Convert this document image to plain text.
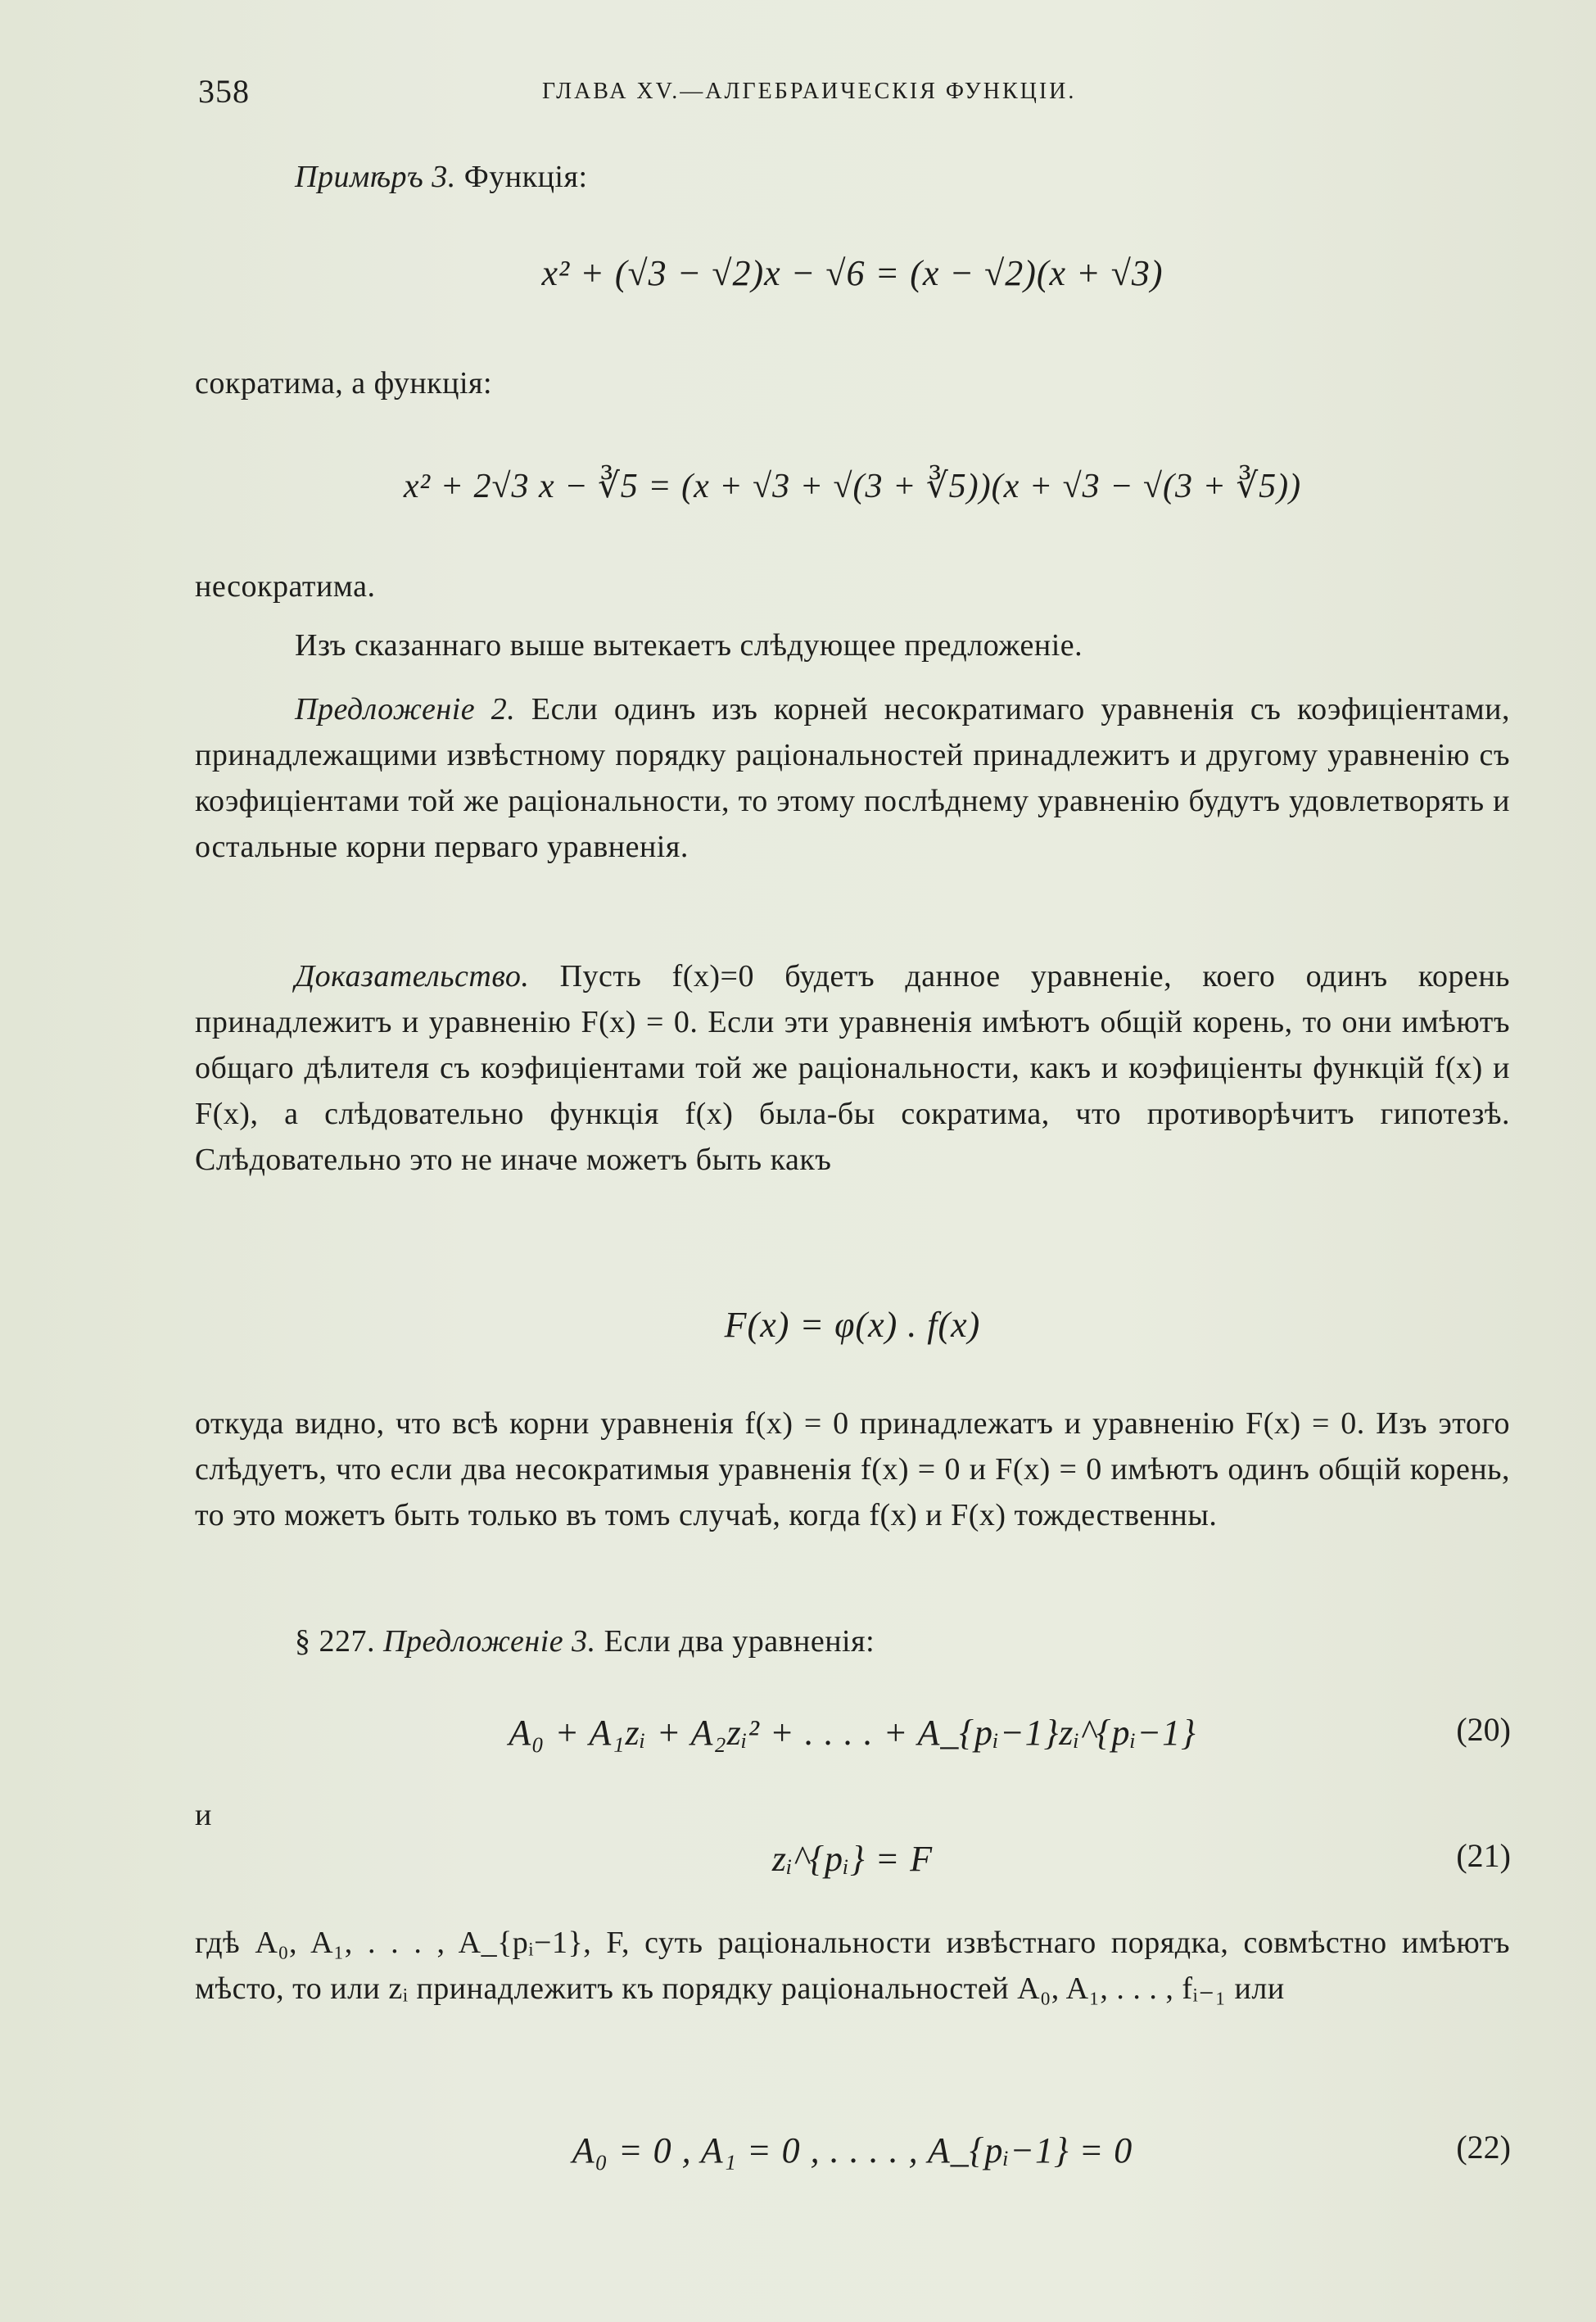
358	ГЛАВА XV.—АЛГЕБРАИЧЕСКІЯ ФУНКЦІИ.

Примѣръ 3. Функція:

x² + (√3 − √2)x − √6 = (x − √2)(x + √3)

сократима, а функція:

x² + 2√3 x − ∛5 = (x + √3 + √(3 + ∛5))(x + √3 − √(3 + ∛5))

несократима.

Изъ сказаннаго выше вытекаетъ слѣдующее предложеніе.

Предложеніе 2. Если одинъ изъ корней несократимаго уравненія съ коэфиціентами, принадлежащими извѣстному порядку раціональностей принадлежитъ и другому уравненію съ коэфиціентами той же раціональности, то этому послѣднему уравненію будутъ удовлетворять и остальные корни перваго уравненія.

Доказательство. Пусть f(x)=0 будетъ данное уравненіе, коего одинъ корень принадлежитъ и уравненію F(x) = 0. Если эти уравненія имѣютъ общій корень, то они имѣютъ общаго дѣлителя съ коэфиціентами той же раціональности, какъ и коэфиціенты функцій f(x) и F(x), а слѣдовательно функція f(x) была-бы сократима, что противорѣчитъ гипотезѣ. Слѣдовательно это не иначе можетъ быть какъ

F(x) = φ(x) . f(x)

откуда видно, что всѣ корни уравненія f(x) = 0 принадлежатъ и уравненію F(x) = 0. Изъ этого слѣдуетъ, что если два несократимыя уравненія f(x) = 0 и F(x) = 0 имѣютъ одинъ общій корень, то это можетъ быть только въ томъ случаѣ, когда f(x) и F(x) тождественны.

§ 227. Предложеніе 3. Если два уравненія:

A₀ + A₁zᵢ + A₂zᵢ² + . . . . + A_{pᵢ−1}zᵢ^{pᵢ−1}	(20)

и

zᵢ^{pᵢ} = F	(21)

гдѣ A₀, A₁, . . . , A_{pᵢ−1}, F, суть раціональности извѣстнаго порядка, совмѣстно имѣютъ мѣсто, то или zᵢ принадлежитъ къ порядку раціональностей A₀, A₁, . . . , fᵢ₋₁ или

A₀ = 0 , A₁ = 0 , . . . . , A_{pᵢ−1} = 0	(22)
